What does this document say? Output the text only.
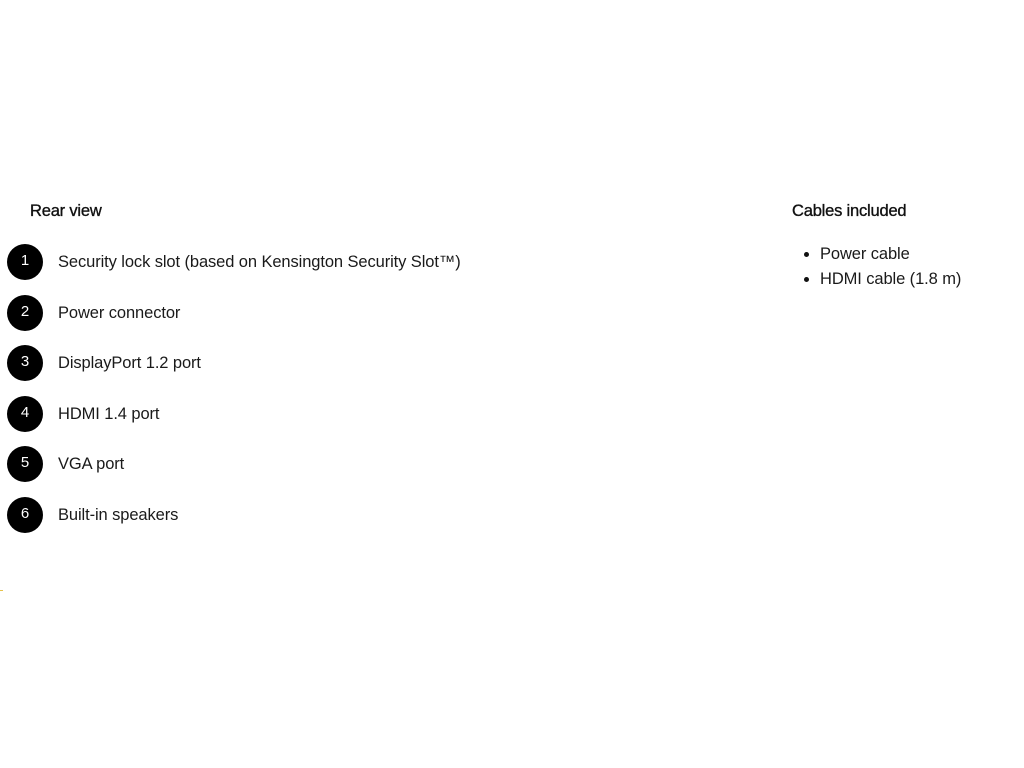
Rear view
1	Security lock slot (based on Kensington Security Slot™)
2	Power connector
3	DisplayPort 1.2 port
4	HDMI 1.4 port
5	VGA port
6	Built-in speakers
Cables included
Power cable
HDMI cable (1.8 m)
